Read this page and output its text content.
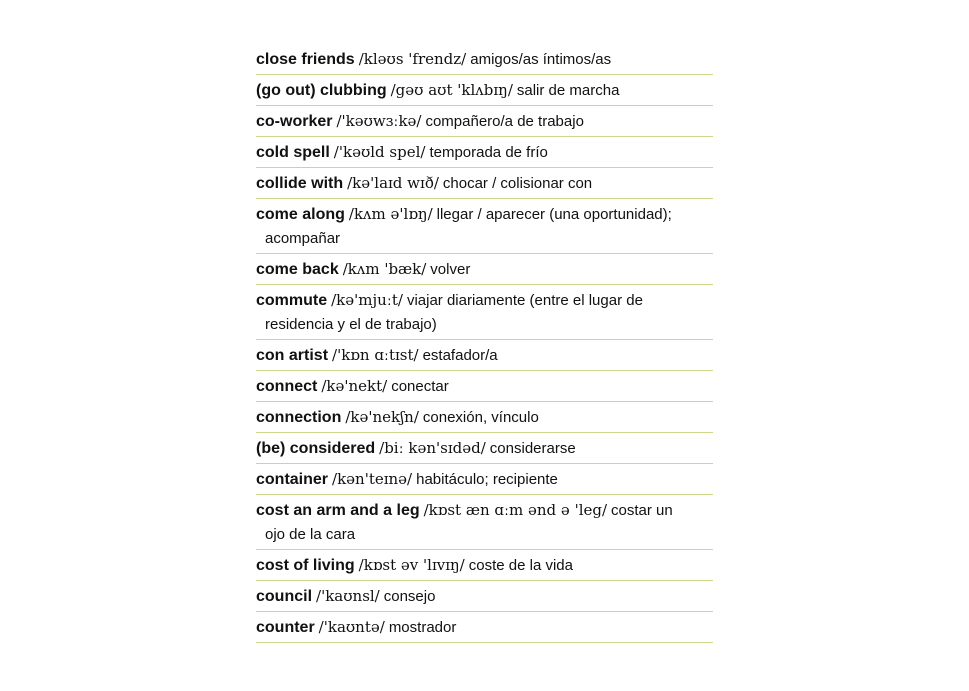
close friends /kləʊs 'frendz/ amigos/as íntimos/as
(go out) clubbing /gəʊ aʊt 'klʌbɪŋ/ salir de marcha
co-worker /'kəʊwɜːkə/ compañero/a de trabajo
cold spell /'kəʊld spel/ temporada de frío
collide with /kə'laɪd wɪð/ chocar / colisionar con
come along /kʌm ə'lɒŋ/ llegar / aparecer (una oportunidad);
acompañar
come back /kʌm 'bæk/ volver
commute /kə'mjuːt/ viajar diariamente (entre el lugar de
residencia y el de trabajo)
con artist /'kɒn ɑːtɪst/ estafador/a
connect /kə'nekt/ conectar
connection /kə'nekʃn/ conexión, vínculo
(be) considered /biː kən'sɪdəd/ considerarse
container /kən'teɪnə/ habitáculo; recipiente
cost an arm and a leg /kɒst æn ɑːm ənd ə 'leg/ costar un
ojo de la cara
cost of living /kɒst əv 'lɪvɪŋ/ coste de la vida
council /'kaʊnsl/ consejo
counter /'kaʊntə/ mostrador
